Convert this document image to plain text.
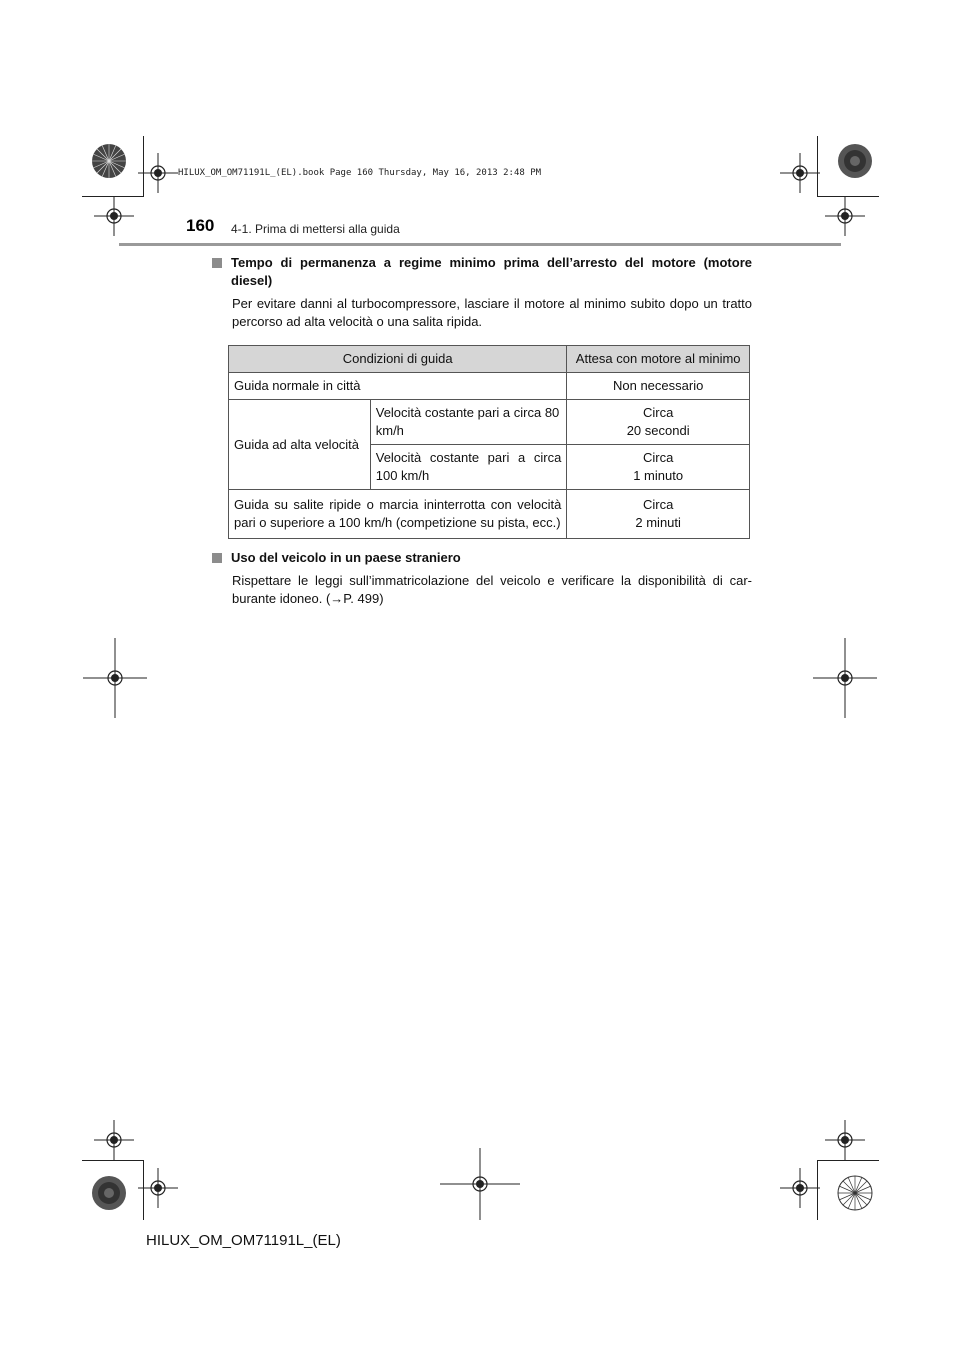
HILUX_OM_OM71191L_(EL).book Page 160 Thursday, May 16, 2013 2:48 PM
160 4-1. Prima di mettersi alla guida
Tempo di permanenza a regime minimo prima dell’arresto del motore (motore diesel)
Per evitare danni al turbocompressore, lasciare il motore al minimo subito dopo un tratto percorso ad alta velocità o una salita ripida.
Condizioni di guida		Attesa con motore al minimo
Guida normale in città		Non necessario
Guida ad alta velocità	Velocità costante pari a circa 80 km/h	Circa
20 secondi

	Velocità costante pari a circa 100 km/h	Circa
1 minuto

Guida su salite ripide o marcia ininterrotta con velocità pari o superiore a 100 km/h (competizione su pista, ecc.)		Circa
2 minuti
Uso del veicolo in un paese straniero
Rispettare le leggi sull’immatricolazione del veicolo e verificare la disponibilità di car-burante idoneo. (→P. 499)
HILUX_OM_OM71191L_(EL)
